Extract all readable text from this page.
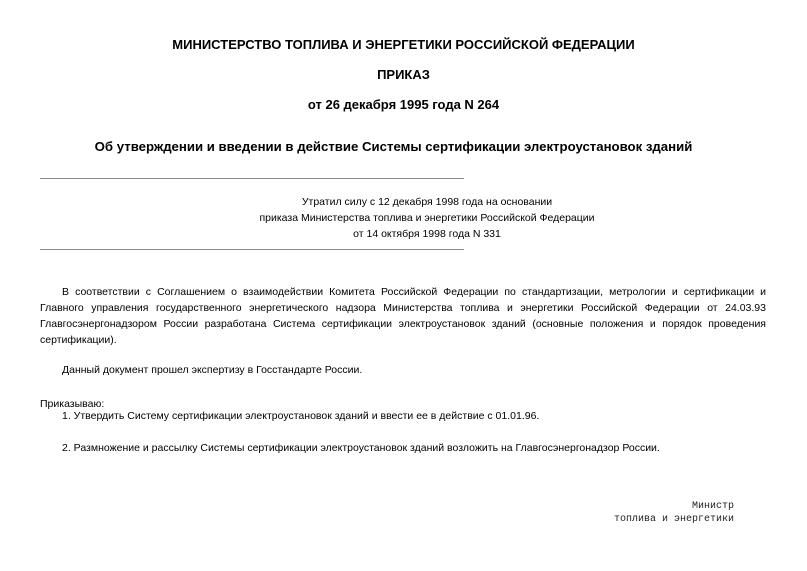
МИНИСТЕРСТВО ТОПЛИВА И ЭНЕРГЕТИКИ РОССИЙСКОЙ ФЕДЕРАЦИИ
ПРИКАЗ
от 26 декабря 1995 года N 264
Об утверждении и введении в действие Системы сертификации электроустановок зданий
Утратил силу с 12 декабря 1998 года на основании
приказа Министерства топлива и энергетики Российской Федерации
от 14 октября 1998 года N 331

В соответствии с Соглашением о взаимодействии Комитета Российской Федерации по стандартизации, метрологии и сертификации и Главного управления государственного энергетического надзора Министерства топлива и энергетики Российской Федерации от 24.03.93 Главгосэнергонадзором России разработана Система сертификации электроустановок зданий (основные положения и порядок проведения сертификации).

Данный документ прошел экспертизу в Госстандарте России.

Приказываю:

1. Утвердить Систему сертификации электроустановок зданий и ввести ее в действие с 01.01.96.

2. Размножение и рассылку Системы сертификации электроустановок зданий возложить на Главгосэнергонадзор России.

Министр
топлива и энергетики
